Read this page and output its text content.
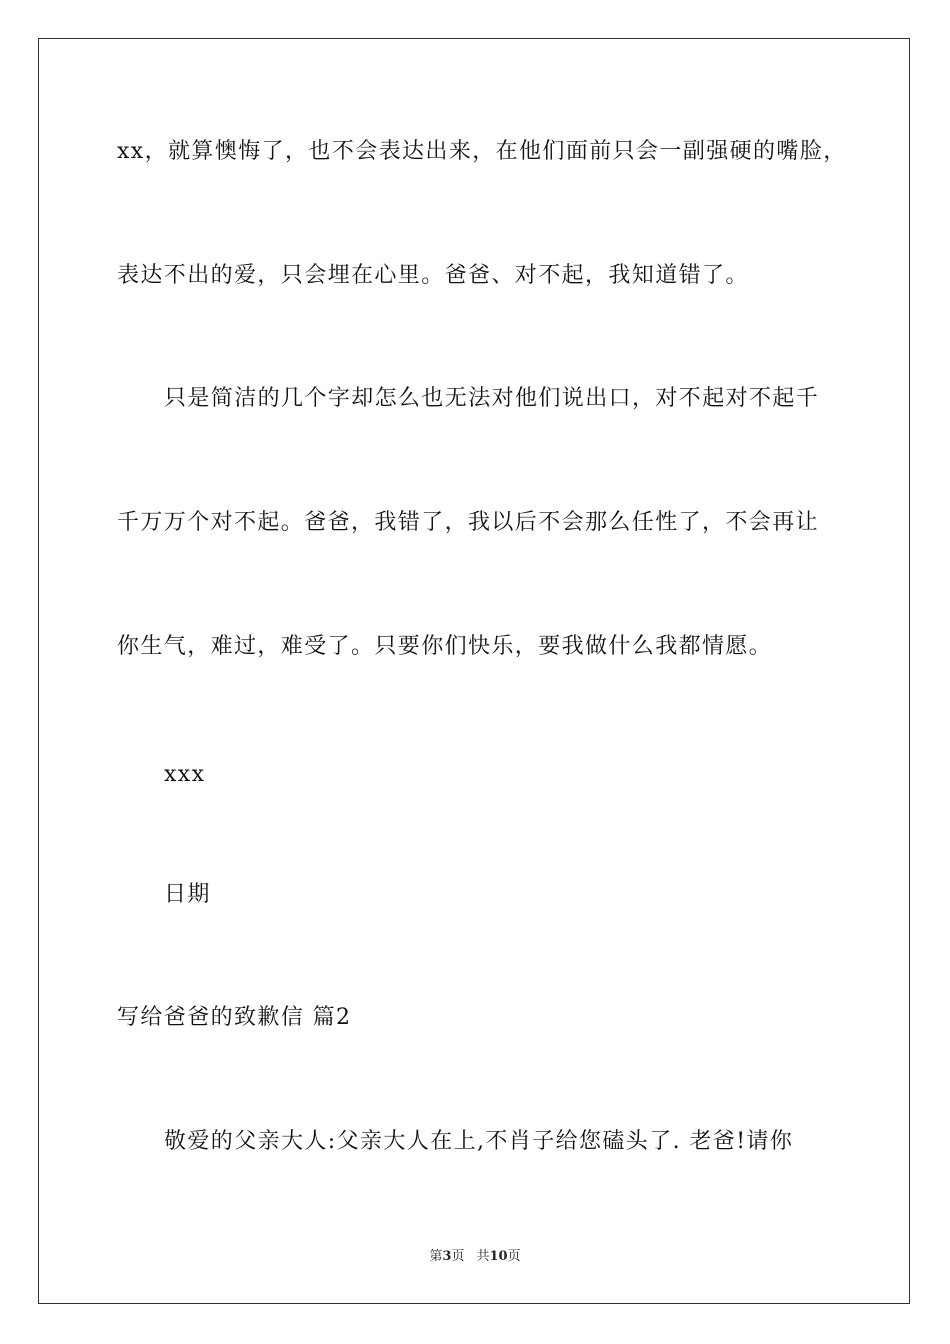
xx，就算懊悔了，也不会表达出来，在他们面前只会一副强硬的嘴脸，
表达不出的爱，只会埋在心里。爸爸、对不起，我知道错了。
只是简洁的几个字却怎么也无法对他们说出口，对不起对不起千
千万万个对不起。爸爸，我错了，我以后不会那么任性了，不会再让
你生气，难过，难受了。只要你们快乐，要我做什么我都情愿。
xxx
日期
写给爸爸的致歉信 篇2
敬爱的父亲大人:父亲大人在上,不肖子给您磕头了. 老爸!请你
第3页 共10页
